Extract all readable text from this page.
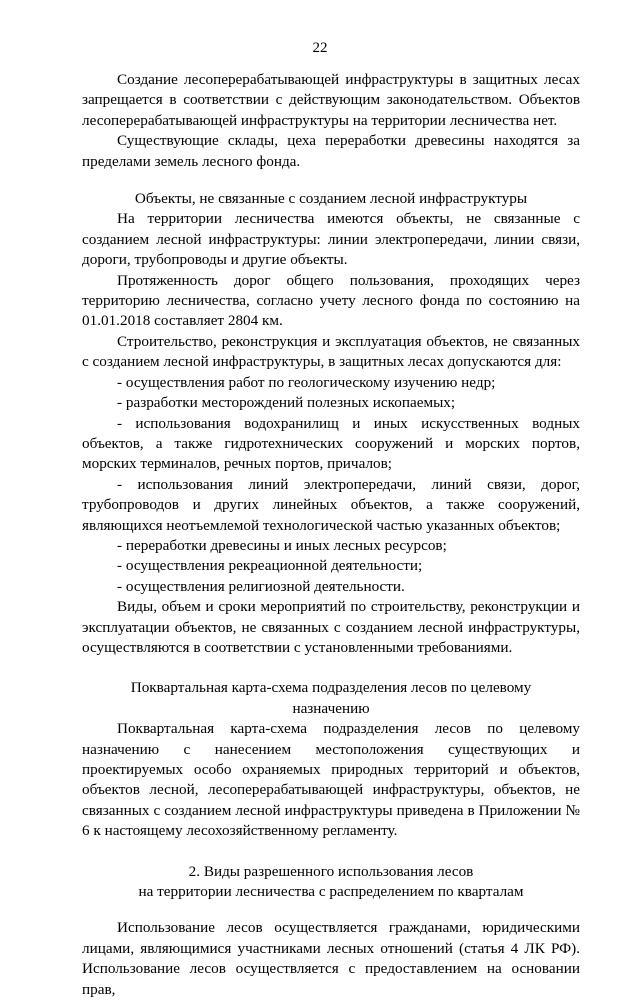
22

Создание лесоперерабатывающей инфраструктуры в защитных лесах запрещается в соответствии с действующим законодательством. Объектов лесоперерабатывающей инфраструктуры на территории лесничества нет.

Существующие склады, цеха переработки древесины находятся за пределами земель лесного фонда.

Объекты, не связанные с созданием лесной инфраструктуры

На территории лесничества имеются объекты, не связанные с созданием лесной инфраструктуры: линии электропередачи, линии связи, дороги, трубопроводы и другие объекты.

Протяженность дорог общего пользования, проходящих через территорию лесничества, согласно учету лесного фонда по состоянию на 01.01.2018 составляет 2804 км.

Строительство, реконструкция и эксплуатация объектов, не связанных с созданием лесной инфраструктуры, в защитных лесах допускаются для:

- осуществления работ по геологическому изучению недр;

- разработки месторождений полезных ископаемых;

- использования водохранилищ и иных искусственных водных объектов, а также гидротехнических сооружений и морских портов, морских терминалов, речных портов, причалов;

- использования линий электропередачи, линий связи, дорог, трубопроводов и других линейных объектов, а также сооружений, являющихся неотъемлемой технологической частью указанных объектов;

- переработки древесины и иных лесных ресурсов;

- осуществления рекреационной деятельности;

- осуществления религиозной деятельности.

Виды, объем и сроки мероприятий по строительству, реконструкции и эксплуатации объектов, не связанных с созданием лесной инфраструктуры, осуществляются в соответствии с установленными требованиями.

Поквартальная карта-схема подразделения лесов по целевому
назначению

Поквартальная карта-схема подразделения лесов по целевому назначению с нанесением местоположения существующих и проектируемых особо охраняемых природных территорий и объектов, объектов лесной, лесоперерабатывающей инфраструктуры, объектов, не связанных с созданием лесной инфраструктуры приведена в Приложении № 6 к настоящему лесохозяйственному регламенту.

2. Виды разрешенного использования лесов
на территории лесничества с распределением по кварталам

Использование лесов осуществляется гражданами, юридическими лицами, являющимися участниками лесных отношений (статья 4 ЛК РФ). Использование лесов осуществляется с предоставлением на основании прав,
